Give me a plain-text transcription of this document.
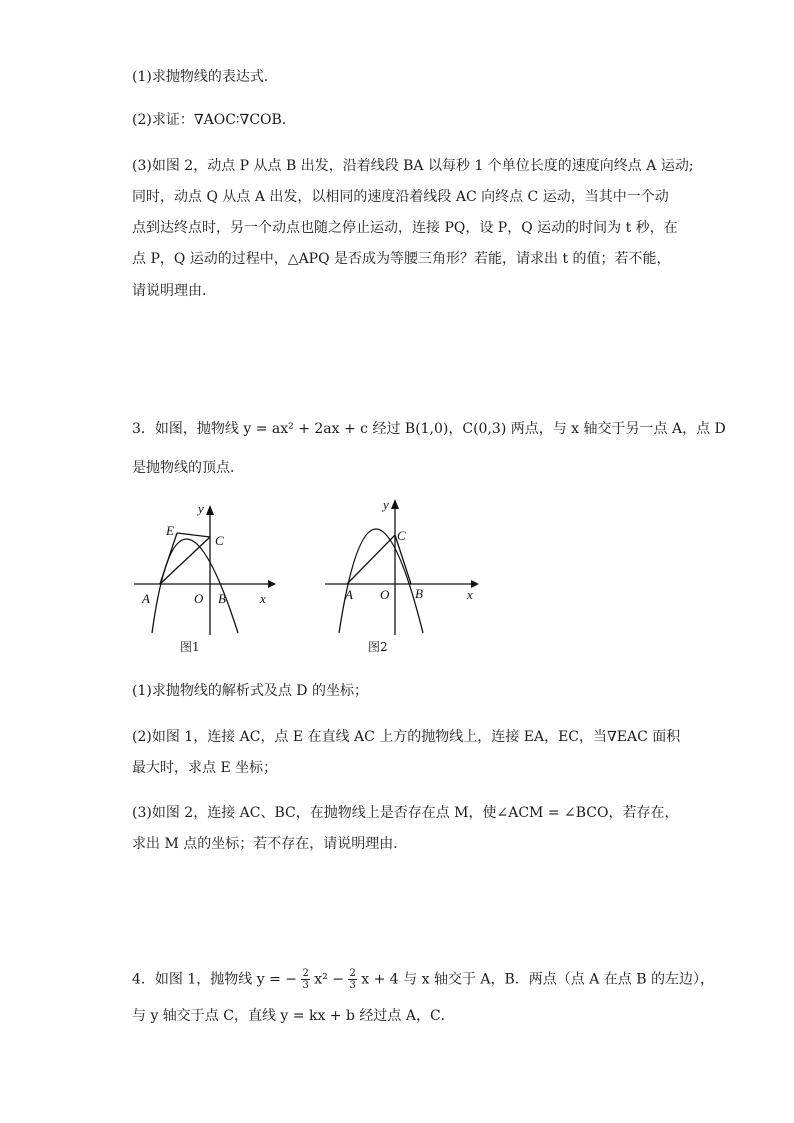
(1)求抛物线的表达式．
(2)求证：∇AOC∶∇COB．
(3)如图 2，动点 P 从点 B 出发，沿着线段 BA 以每秒 1 个单位长度的速度向终点 A 运动;
同时，动点 Q 从点 A 出发，以相同的速度沿着线段 AC 向终点 C 运动，当其中一个动
点到达终点时，另一个动点也随之停止运动，连接 PQ，设 P，Q 运动的时间为 t 秒，在
点 P，Q 运动的过程中，△APQ 是否成为等腰三角形？若能，请求出 t 的值；若不能，
请说明理由．
3．如图，抛物线 y = ax² + 2ax + c 经过 B(1,0)，C(0,3) 两点，与 x 轴交于另一点 A，点 D
是抛物线的顶点．
E
C
A	O B	x
y
C
A O B	x
y
图1	图2
(1)求抛物线的解析式及点 D 的坐标；
(2)如图 1，连接 AC，点 E 在直线 AC 上方的抛物线上，连接 EA，EC，当∇EAC 面积
最大时，求点 E 坐标；
(3)如图 2，连接 AC、BC，在抛物线上是否存在点 M，使∠ACM = ∠BCO，若存在，
求出 M 点的坐标；若不存在，请说明理由．
4．如图 1，抛物线 y = − $\frac{2}{3} x^2 - \frac{2}{3}$ x + 4 与 x 轴交于 A，B．两点（点 A 在点 B 的左边），
与 y 轴交于点 C，直线 y = kx + b 经过点 A，C．
